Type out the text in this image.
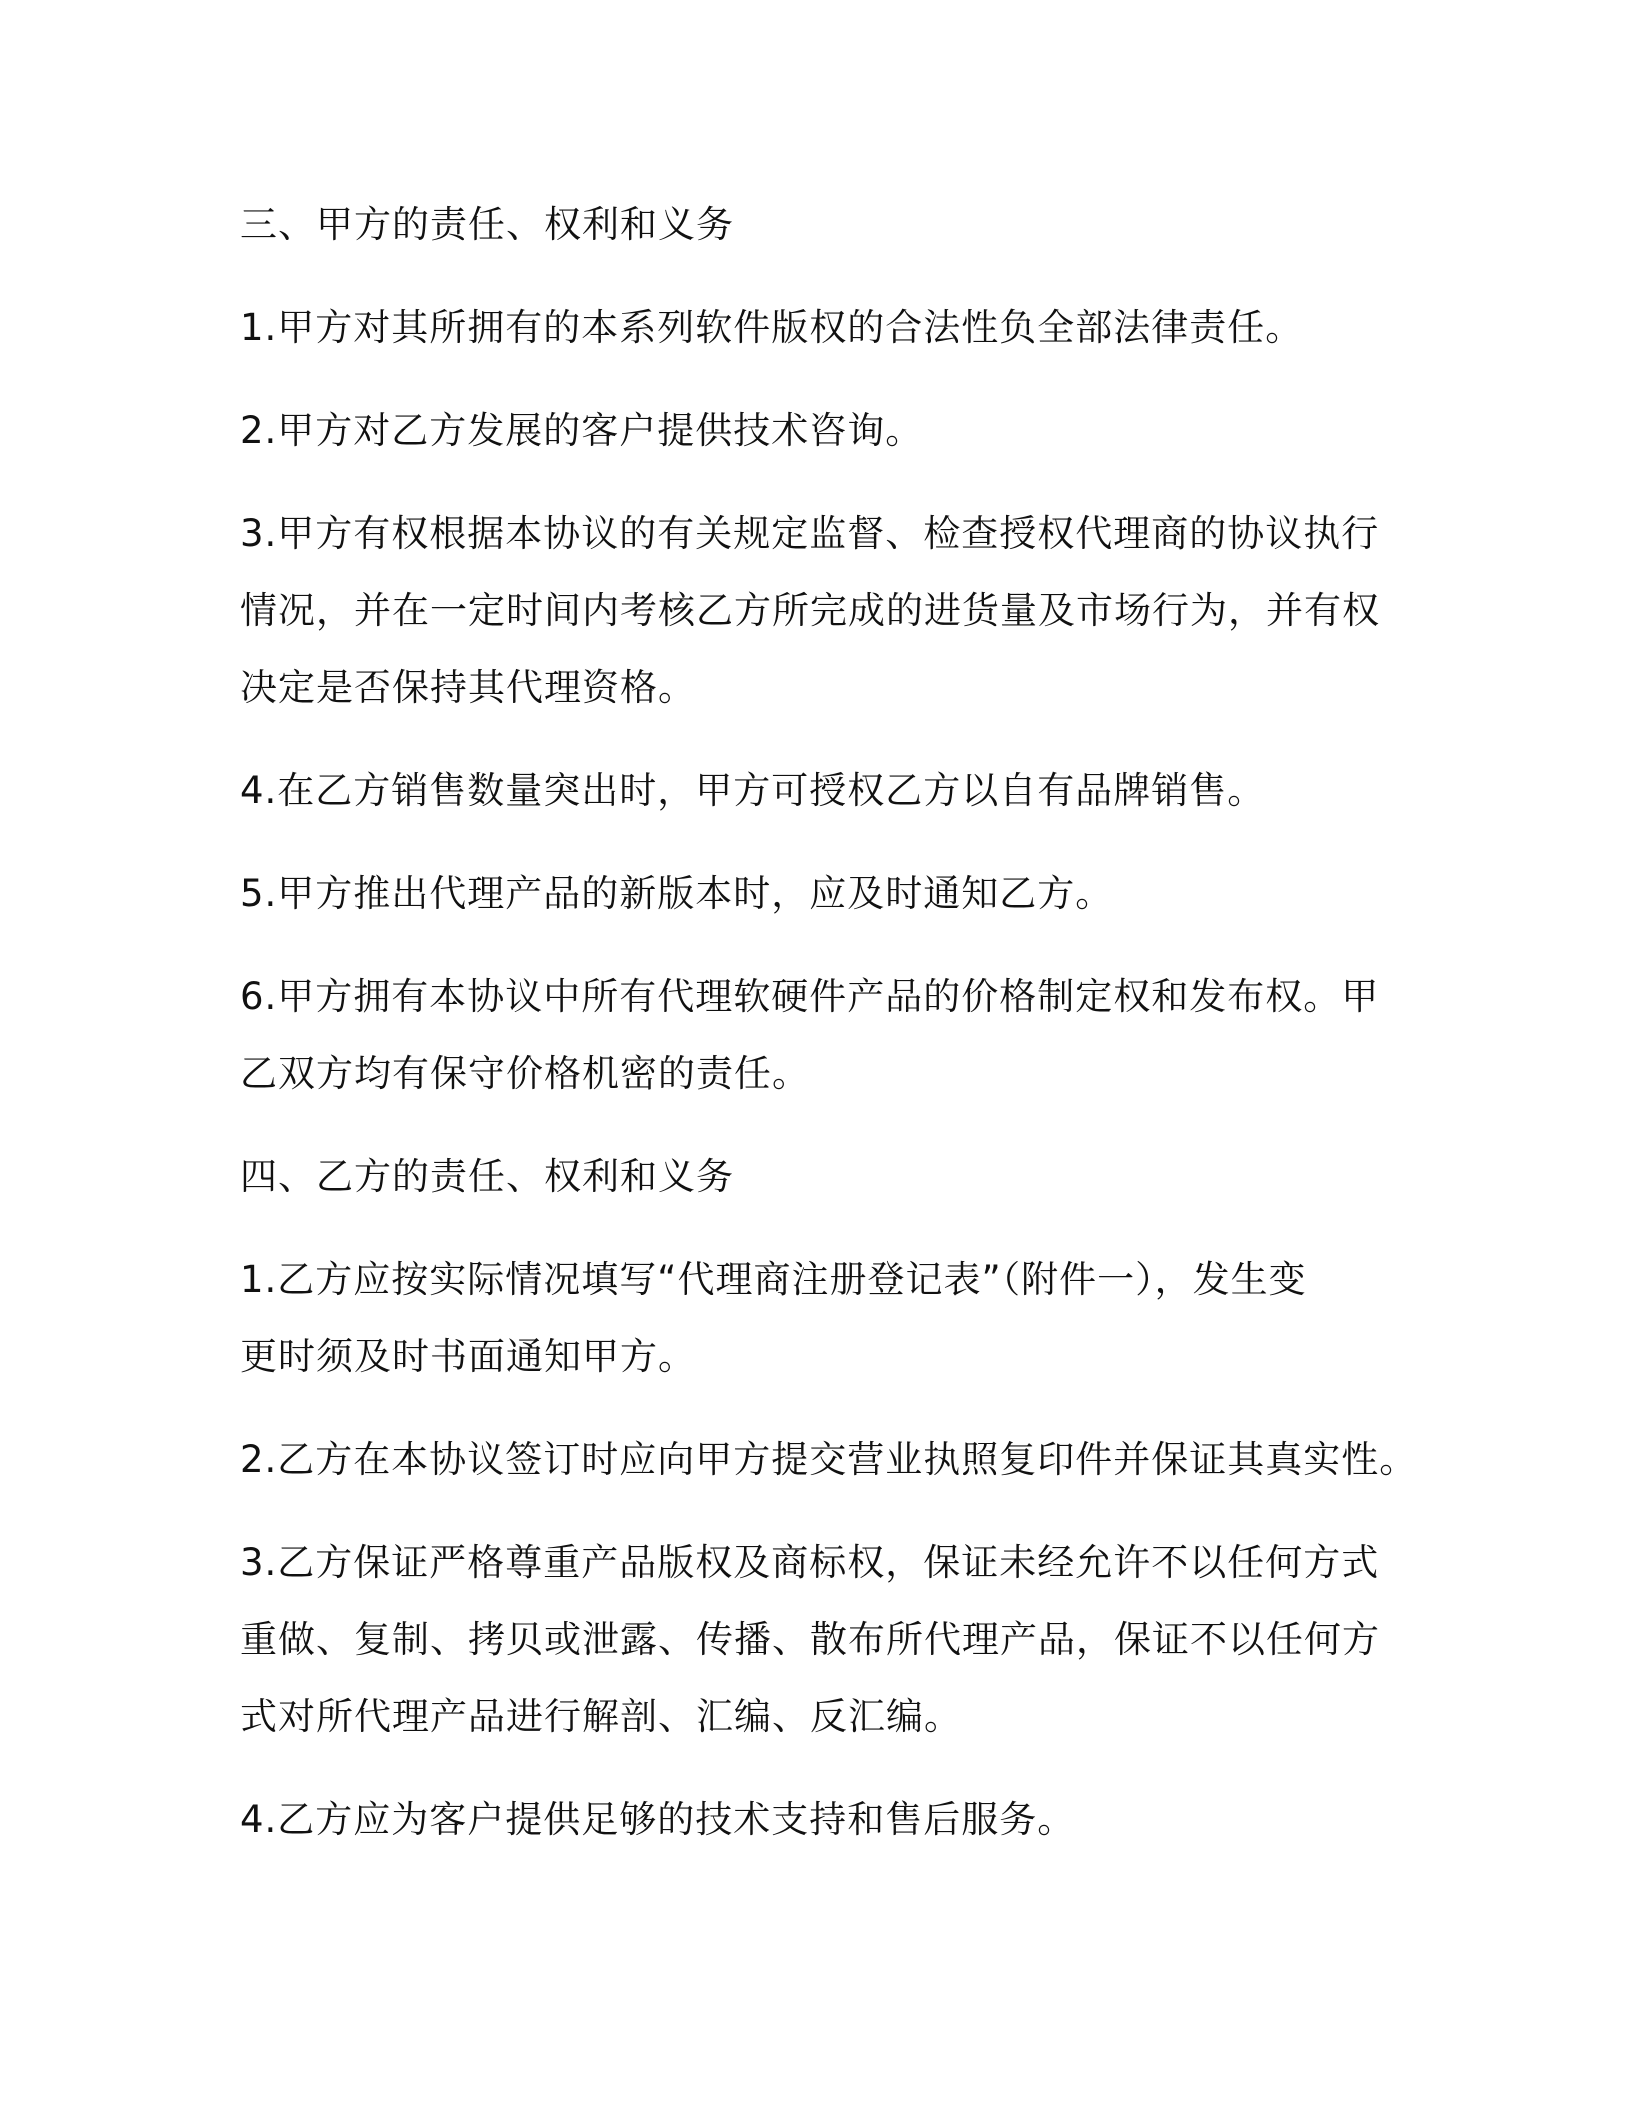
三、甲方的责任、权利和义务
1.甲方对其所拥有的本系列软件版权的合法性负全部法律责任。
2.甲方对乙方发展的客户提供技术咨询。
3.甲方有权根据本协议的有关规定监督、检查授权代理商的协议执行
情况，并在一定时间内考核乙方所完成的进货量及市场行为，并有权
决定是否保持其代理资格。
4.在乙方销售数量突出时，甲方可授权乙方以自有品牌销售。
5.甲方推出代理产品的新版本时，应及时通知乙方。
6.甲方拥有本协议中所有代理软硬件产品的价格制定权和发布权。甲
乙双方均有保守价格机密的责任。
四、乙方的责任、权利和义务
1.乙方应按实际情况填写“代理商注册登记表”（附件一），发生变
更时须及时书面通知甲方。
2.乙方在本协议签订时应向甲方提交营业执照复印件并保证其真实性。
3.乙方保证严格尊重产品版权及商标权，保证未经允许不以任何方式
重做、复制、拷贝或泄露、传播、散布所代理产品，保证不以任何方
式对所代理产品进行解剖、汇编、反汇编。
4.乙方应为客户提供足够的技术支持和售后服务。
